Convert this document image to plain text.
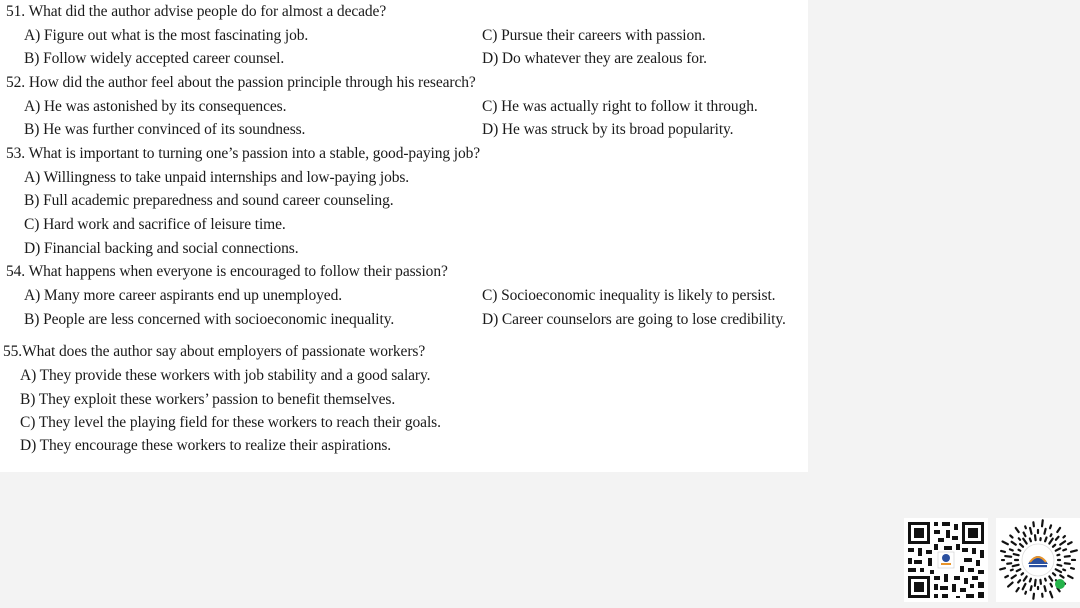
51. What did the author advise people do for almost a decade?
A) Figure out what is the most fascinating job.	C) Pursue their careers with passion.
B) Follow widely accepted career counsel.	D) Do whatever they are zealous for.
52. How did the author feel about the passion principle through his research?
A) He was astonished by its consequences.	C) He was actually right to follow it through.
B) He was further convinced of its soundness.	D) He was struck by its broad popularity.
53. What is important to turning one’s passion into a stable, good-paying job?
A) Willingness to take unpaid internships and low-paying jobs.
B) Full academic preparedness and sound career counseling.
C) Hard work and sacrifice of leisure time.
D) Financial backing and social connections.
54. What happens when everyone is encouraged to follow their passion?
A) Many more career aspirants end up unemployed.	C) Socioeconomic inequality is likely to persist.
B) People are less concerned with socioeconomic inequality.	D) Career counselors are going to lose credibility.
55.What does the author say about employers of passionate workers?
A) They provide these workers with job stability and a good salary.
B) They exploit these workers’ passion to benefit themselves.
C) They level the playing field for these workers to reach their goals.
D) They encourage these workers to realize their aspirations.
